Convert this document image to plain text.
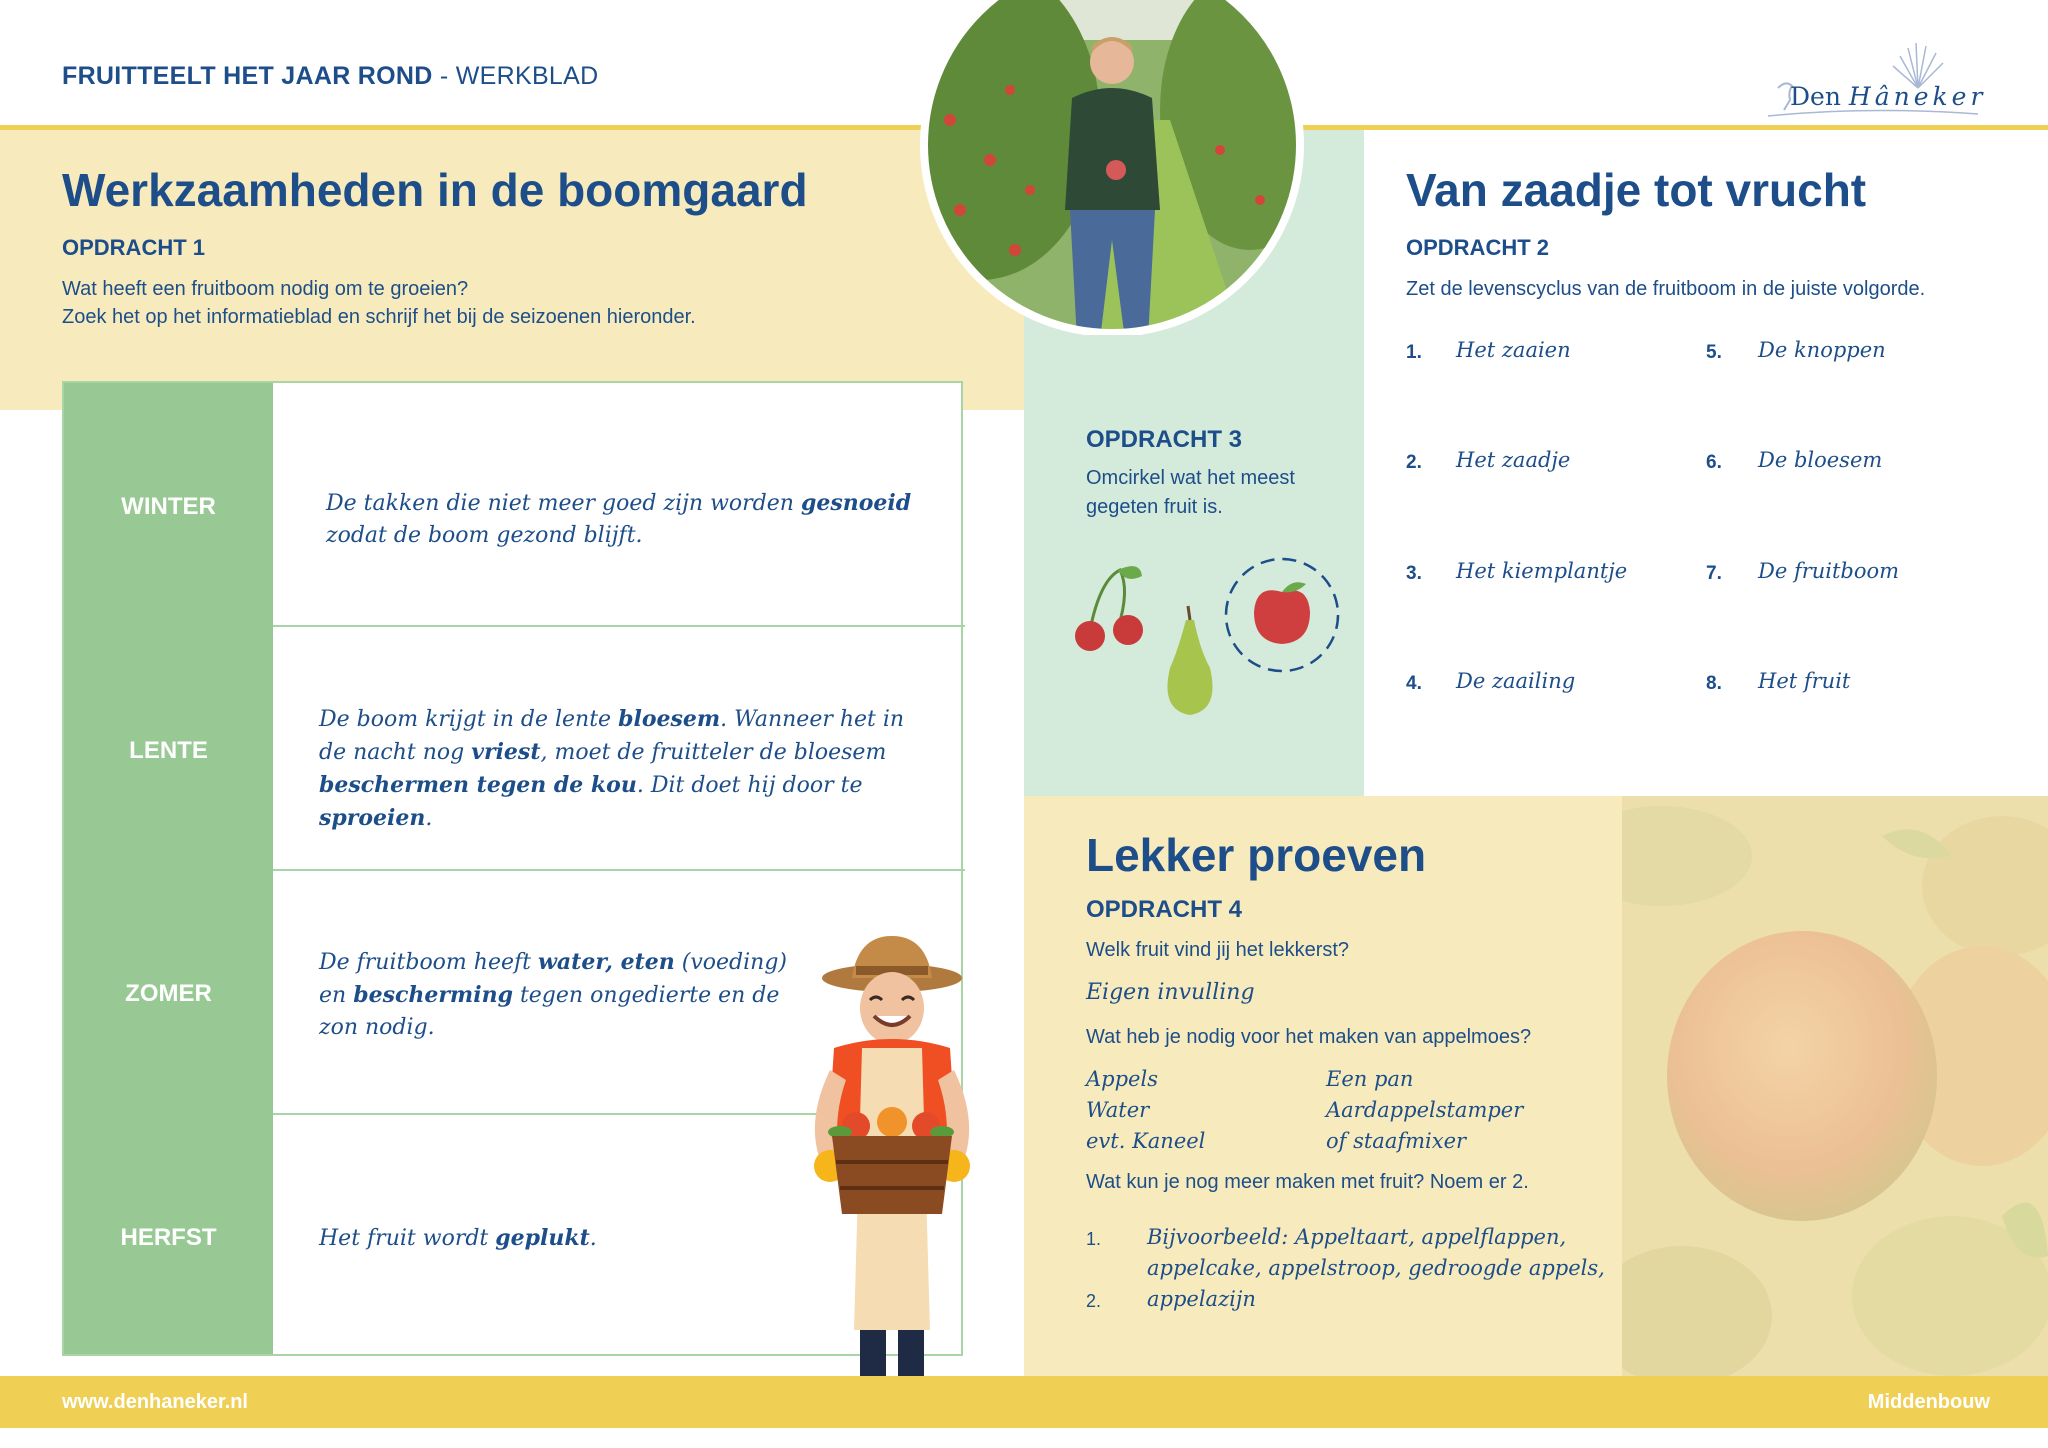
FRUITTEELT HET JAAR ROND - WERKBLAD
Den Hâneker
Werkzaamheden in de boomgaard
OPDRACHT 1
Wat heeft een fruitboom nodig om te groeien?
Zoek het op het informatieblad en schrijf het bij de seizoenen hieronder.
WINTER
LENTE
ZOMER
HERFST
De takken die niet meer goed zijn worden gesnoeid
zodat de boom gezond blijft.
De boom krijgt in de lente bloesem. Wanneer het in
de nacht nog vriest, moet de fruitteler de bloesem
beschermen tegen de kou. Dit doet hij door te sproeien.
De fruitboom heeft water, eten (voeding)
en bescherming tegen ongedierte en de
zon nodig.
Het fruit wordt geplukt.
OPDRACHT 3
Omcirkel wat het meest
gegeten fruit is.
Van zaadje tot vrucht
OPDRACHT 2
Zet de levenscyclus van de fruitboom in de juiste volgorde.
1. Het zaaien
2. Het zaadje
3. Het kiemplantje
4. De zaailing
5. De knoppen
6. De bloesem
7. De fruitboom
8. Het fruit
Lekker proeven
OPDRACHT 4
Welk fruit vind jij het lekkerst?
Eigen invulling
Wat heb je nodig voor het maken van appelmoes?
Appels
Water
evt. Kaneel
Een pan
Aardappelstamper
of staafmixer
Wat kun je nog meer maken met fruit? Noem er 2.
1.
2.
Bijvoorbeeld: Appeltaart, appelflappen, appelcake, appelstroop, gedroogde appels, appelazijn
www.denhaneker.nl	Middenbouw
